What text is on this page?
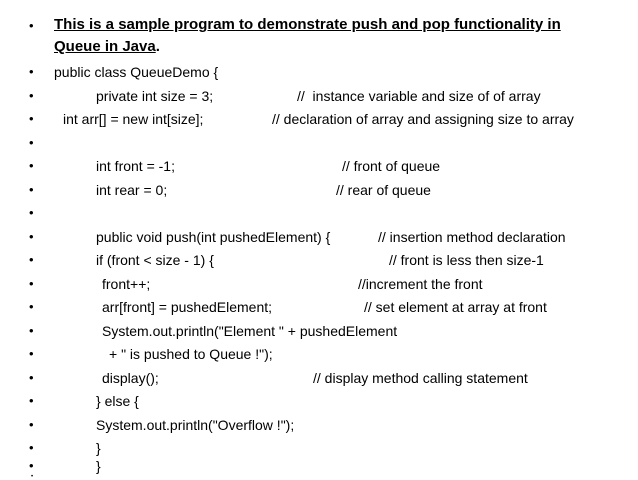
• This is a sample program to demonstrate push and pop functionality in
Queue in Java.
• public class QueueDemo {
•	private int size = 3;	//  instance variable and size of of array
• int arr[] = new int[size];	// declaration of array and assigning size to array
•
•	int front = -1;	// front of queue
•	int rear = 0;	// rear of queue
•
•	public void push(int pushedElement) {	// insertion method declaration
•	if (front < size - 1) {	// front is less then size-1
•	front++;	//increment the front
•	arr[front] = pushedElement;	// set element at array at front
•	System.out.println("Element " + pushedElement
•	+ " is pushed to Queue !");
•	display();	// display method calling statement
•	} else {
•	System.out.println("Overflow !");
•	}
•	}
•
